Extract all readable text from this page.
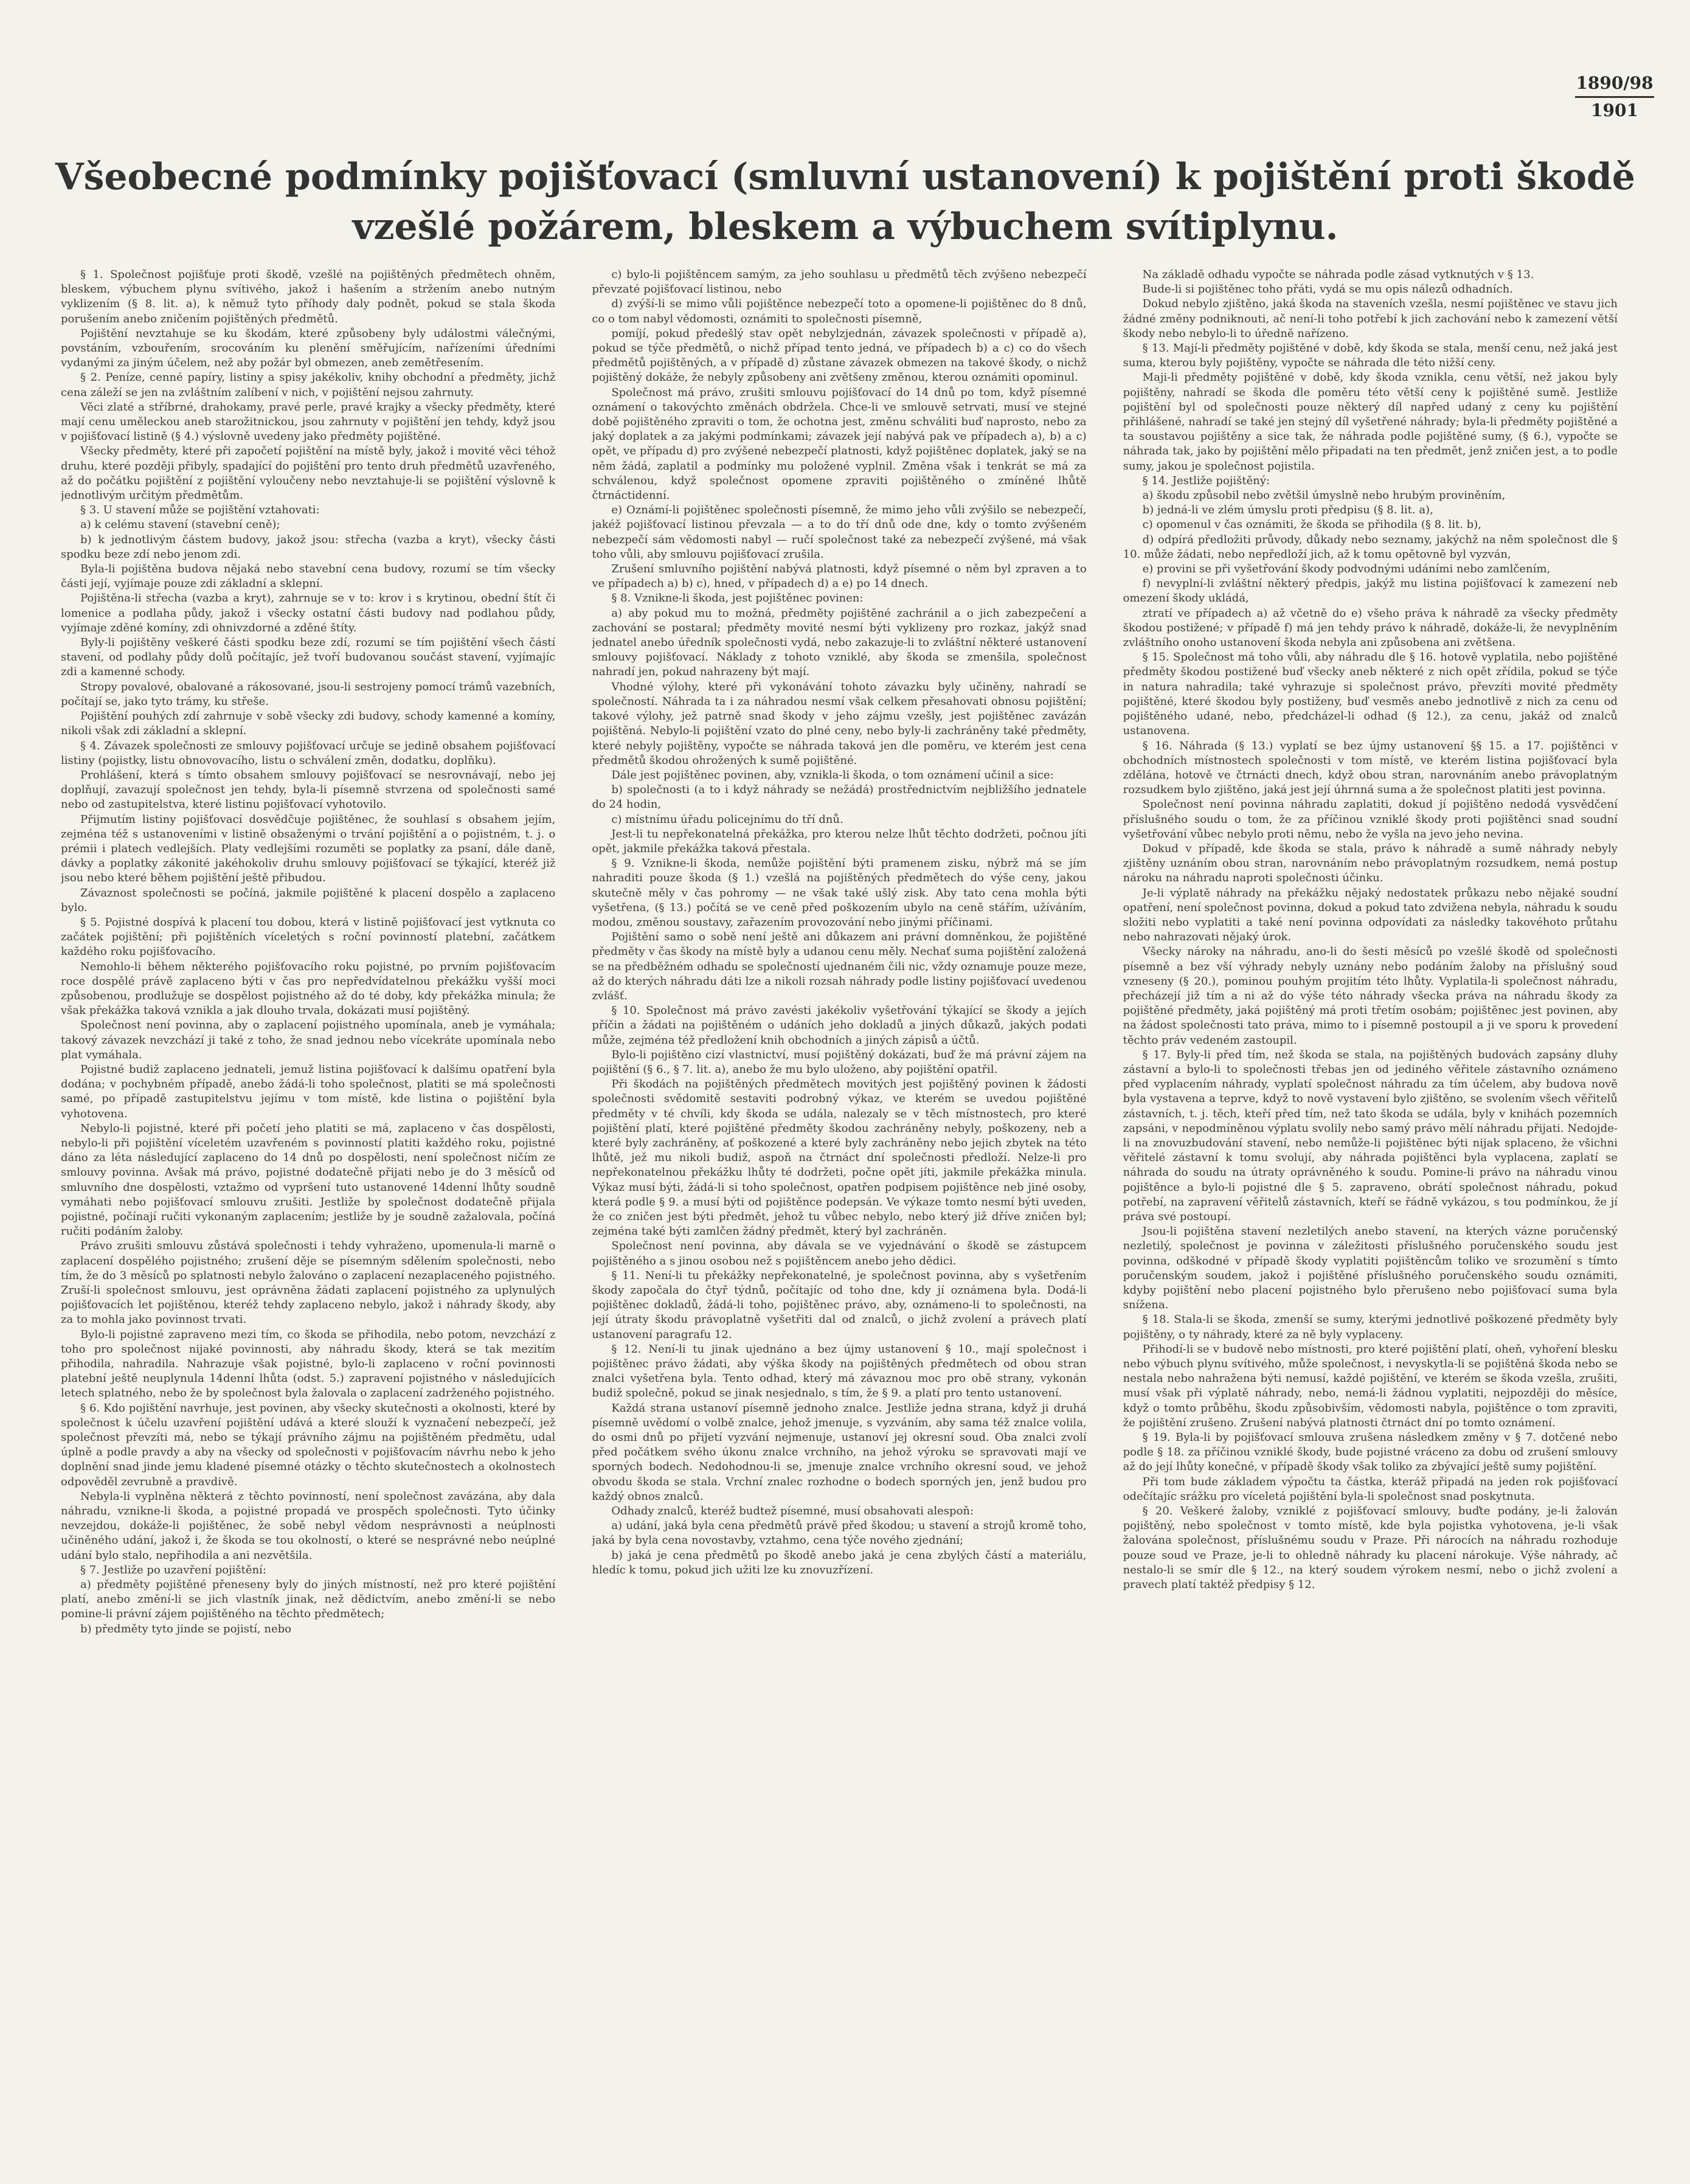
1890/98
1901
Všeobecné podmínky pojišťovací (smluvní ustanovení) k pojištění proti škodě vzešlé požárem, bleskem a výbuchem svítiplynu.

§ 1. Společnost pojišťuje proti škodě, vzešlé na pojištěných předmětech ohněm, bleskem, výbuchem plynu svítivého, jakož i hašením a stržením anebo nutným vyklizením (§ 8. lit. a), k němuž tyto příhody daly podnět, pokud se stala škoda porušením anebo zničením pojištěných předmětů.

Pojištění nevztahuje se ku škodám, které způsobeny byly událostmi válečnými, povstáním, vzbouřením, srocováním ku plenění směřujícím, nařízeními úředními vydanými za jiným účelem, než aby požár byl obmezen, aneb zemětřesením.

§ 2. Peníze, cenné papíry, listiny a spisy jakékoliv, knihy obchodní a předměty, jichž cena záleží se jen na zvláštním zalíbení v nich, v pojištění nejsou zahrnuty.

Věci zlaté a stříbrné, drahokamy, pravé perle, pravé krajky a všecky předměty, které mají cenu uměleckou aneb starožitnickou, jsou zahrnuty v pojištění jen tehdy, když jsou v pojišťovací listině (§ 4.) výslovně uvedeny jako předměty pojištěné.

Všecky předměty, které při započetí pojištění na místě byly, jakož i movité věci téhož druhu, které později přibyly, spadající do pojištění pro tento druh předmětů uzavřeného, až do počátku pojištění z pojištění vyloučeny nebo nevztahuje-li se pojištění výslovně k jednotlivým určitým předmětům.

§ 3. U stavení může se pojištění vztahovati:

a) k celému stavení (stavební ceně);

b) k jednotlivým částem budovy, jakož jsou: střecha (vazba a kryt), všecky části spodku beze zdí nebo jenom zdi.

Byla-li pojištěna budova nějaká nebo stavební cena budovy, rozumí se tím všecky části její, vyjímaje pouze zdi základní a sklepní.

Pojištěna-li střecha (vazba a kryt), zahrnuje se v to: krov i s krytinou, obední štít či lomenice a podlaha půdy, jakož i všecky ostatní části budovy nad podlahou půdy, vyjímaje zděné komíny, zdi ohnivzdorné a zděné štíty.

Byly-li pojištěny veškeré části spodku beze zdí, rozumí se tím pojištění všech částí stavení, od podlahy půdy dolů počítajíc, jež tvoří budovanou součást stavení, vyjímajíc zdi a kamenné schody.

Stropy povalové, obalované a rákosované, jsou-li sestrojeny pomocí trámů vazebních, počítají se, jako tyto trámy, ku střeše.

Pojištění pouhých zdí zahrnuje v sobě všecky zdi budovy, schody kamenné a komíny, nikoli však zdi základní a sklepní.

§ 4. Závazek společnosti ze smlouvy pojišťovací určuje se jedině obsahem pojišťovací listiny (pojistky, listu obnovovacího, listu o schválení změn, dodatku, doplňku).

Prohlášení, která s tímto obsahem smlouvy pojišťovací se nesrovnávají, nebo jej doplňují, zavazují společnost jen tehdy, byla-li písemně stvrzena od společnosti samé nebo od zastupitelstva, které listinu pojišťovací vyhotovilo.

Přijmutím listiny pojišťovací dosvědčuje pojištěnec, že souhlasí s obsahem jejím, zejména též s ustanoveními v listině obsaženými o trvání pojištění a o pojistném, t. j. o prémii i platech vedlejších. Platy vedlejšími rozuměti se poplatky za psaní, dále daně, dávky a poplatky zákonité jakéhokoliv druhu smlouvy pojišťovací se týkající, kteréž již jsou nebo které během pojištění ještě přibudou.

Závaznost společnosti se počíná, jakmile pojištěné k placení dospělo a zaplaceno bylo.

§ 5. Pojistné dospívá k placení tou dobou, která v listině pojišťovací jest vytknuta co začátek pojištění; při pojištěních víceletých s roční povinností platební, začátkem každého roku pojišťovacího.

Nemohlo-li během některého pojišťovacího roku pojistné, po prvním pojišťovacím roce dospělé právě zaplaceno býti v čas pro nepředvídatelnou překážku vyšší moci způsobenou, prodlužuje se dospělost pojistného až do té doby, kdy překážka minula; že však překážka taková vznikla a jak dlouho trvala, dokázati musí pojištěný.

Společnost není povinna, aby o zaplacení pojistného upomínala, aneb je vymáhala; takový závazek nevzchází ji také z toho, že snad jednou nebo vícekráte upomínala nebo plat vymáhala.

Pojistné budiž zaplaceno jednateli, jemuž listina pojišťovací k dalšímu opatření byla dodána; v pochybném případě, anebo žádá-li toho společnost, platiti se má společnosti samé, po případě zastupitelstvu jejímu v tom místě, kde listina o pojištění byla vyhotovena.

Nebylo-li pojistné, které při početí jeho platiti se má, zaplaceno v čas dospělosti, nebylo-li při pojištění víceletém uzavřeném s povinností platiti každého roku, pojistné dáno za léta následující zaplaceno do 14 dnů po dospělosti, není společnost ničím ze smlouvy povinna. Avšak má právo, pojistné dodatečně přijati nebo je do 3 měsíců od smluvního dne dospělosti, vztažmo od vypršení tuto ustanovené 14denní lhůty soudně vymáhati nebo pojišťovací smlouvu zrušiti. Jestliže by společnost dodatečně přijala pojistné, počínají ručiti vykonaným zaplacením; jestliže by je soudně zažalovala, počíná ručiti podáním žaloby.

Právo zrušiti smlouvu zůstává společnosti i tehdy vyhraženo, upomenula-li marně o zaplacení dospělého pojistného; zrušení děje se písemným sdělením společnosti, nebo tím, že do 3 měsíců po splatnosti nebylo žalováno o zaplacení nezaplaceného pojistného. Zruší-li společnost smlouvu, jest oprávněna žádati zaplacení pojistného za uplynulých pojišťovacích let pojištěnou, kteréž tehdy zaplaceno nebylo, jakož i náhrady škody, aby za to mohla jako povinnost trvati.

Bylo-li pojistné zapraveno mezi tím, co škoda se přihodila, nebo potom, nevzchází z toho pro společnost nijaké povinnosti, aby náhradu škody, která se tak mezitím přihodila, nahradila. Nahrazuje však pojistné, bylo-li zaplaceno v roční povinnosti platební ještě neuplynula 14denní lhůta (odst. 5.) zapravení pojistného v následujících letech splatného, nebo že by společnost byla žalovala o zaplacení zadrženého pojistného.

§ 6. Kdo pojištění navrhuje, jest povinen, aby všecky skutečnosti a okolnosti, které by společnost k účelu uzavření pojištění udává a které slouží k vyznačení nebezpečí, jež společnost převzíti má, nebo se týkají právního zájmu na pojištěném předmětu, udal úplně a podle pravdy a aby na všecky od společnosti v pojišťovacím návrhu nebo k jeho doplnění snad jinde jemu kladené písemné otázky o těchto skutečnostech a okolnostech odpověděl zevrubně a pravdivě.

Nebyla-li vyplněna některá z těchto povinností, není společnost zavázána, aby dala náhradu, vznikne-li škoda, a pojistné propadá ve prospěch společnosti. Tyto účinky nevzejdou, dokáže-li pojištěnec, že sobě nebyl vědom nesprávnosti a neúplnosti učiněného udání, jakož i, že škoda se tou okolností, o které se nesprávné nebo neúplné udání bylo stalo, nepřihodila a ani nezvětšila.

§ 7. Jestliže po uzavření pojištění:

a) předměty pojištěné přeneseny byly do jiných místností, než pro které pojištění platí, anebo změní-li se jich vlastník jinak, než dědictvím, anebo změní-li se nebo pomine-li právní zájem pojištěného na těchto předmětech;

b) předměty tyto jinde se pojistí, nebo

c) bylo-li pojištěncem samým, za jeho souhlasu u předmětů těch zvýšeno nebezpečí převzaté pojišťovací listinou, nebo

d) zvýší-li se mimo vůli pojištěnce nebezpečí toto a opomene-li pojištěnec do 8 dnů, co o tom nabyl vědomosti, oznámiti to společnosti písemně,

pomíjí, pokud předešlý stav opět nebylzjednán, závazek společnosti v případě a), pokud se týče předmětů, o nichž případ tento jedná, ve případech b) a c) co do všech předmětů pojištěných, a v případě d) zůstane závazek obmezen na takové škody, o nichž pojištěný dokáže, že nebyly způsobeny ani zvětšeny změnou, kterou oznámiti opominul.

Společnost má právo, zrušiti smlouvu pojišťovací do 14 dnů po tom, když písemné oznámení o takovýchto změnách obdržela. Chce-li ve smlouvě setrvati, musí ve stejné době pojištěného zpraviti o tom, že ochotna jest, změnu schváliti buď naprosto, nebo za jaký doplatek a za jakými podmínkami; závazek její nabývá pak ve případech a), b) a c) opět, ve případu d) pro zvýšené nebezpečí platnosti, když pojištěnec doplatek, jaký se na něm žádá, zaplatil a podmínky mu položené vyplnil. Změna však i tenkrát se má za schválenou, když společnost opomene zpraviti pojištěného o zmíněné lhůtě čtrnáctidenní.

e) Oznámí-li pojištěnec společnosti písemně, že mimo jeho vůli zvýšilo se nebezpečí, jakéž pojišťovací listinou převzala — a to do tří dnů ode dne, kdy o tomto zvýšeném nebezpečí sám vědomosti nabyl — ručí společnost také za nebezpečí zvýšené, má však toho vůli, aby smlouvu pojišťovací zrušila.

Zrušení smluvního pojištění nabývá platnosti, když písemné o něm byl zpraven a to ve případech a) b) c), hned, v případech d) a e) po 14 dnech.

§ 8. Vznikne-li škoda, jest pojištěnec povinen:

a) aby pokud mu to možná, předměty pojištěné zachránil a o jich zabezpečení a zachování se postaral; předměty movité nesmí býti vyklizeny pro rozkaz, jakýž snad jednatel anebo úředník společnosti vydá, nebo zakazuje-li to zvláštní některé ustanovení smlouvy pojišťovací. Náklady z tohoto vzniklé, aby škoda se zmenšila, společnost nahradí jen, pokud nahrazeny být mají.

Vhodné výlohy, které při vykonávání tohoto závazku byly učiněny, nahradí se společností. Náhrada ta i za náhradou nesmí však celkem přesahovati obnosu pojištění; takové výlohy, jež patrně snad škody v jeho zájmu vzešly, jest pojištěnec zavázán pojištěná. Nebylo-li pojištění vzato do plné ceny, nebo byly-li zachráněny také předměty, které nebyly pojištěny, vypočte se náhrada taková jen dle poměru, ve kterém jest cena předmětů škodou ohrožených k sumě pojištěné.

Dále jest pojištěnec povinen, aby, vznikla-li škoda, o tom oznámení učinil a sice:

b) společnosti (a to i když náhrady se nežádá) prostřednictvím nejbližšího jednatele do 24 hodin,

c) místnímu úřadu policejnímu do tří dnů.

Jest-li tu nepřekonatelná překážka, pro kterou nelze lhůt těchto dodržeti, počnou jíti opět, jakmile překážka taková přestala.

§ 9. Vznikne-li škoda, nemůže pojištění býti pramenem zisku, nýbrž má se jím nahraditi pouze škoda (§ 1.) vzešlá na pojištěných předmětech do výše ceny, jakou skutečně měly v čas pohromy — ne však také ušlý zisk. Aby tato cena mohla býti vyšetřena, (§ 13.) počítá se ve ceně před poškozením ubylo na ceně stářím, užíváním, modou, změnou soustavy, zařazením provozování nebo jinými příčinami.

Pojištění samo o sobě není ještě ani důkazem ani právní domněnkou, že pojištěné předměty v čas škody na místě byly a udanou cenu měly. Nechať suma pojištění založená se na předběžném odhadu se společností ujednaném čili nic, vždy oznamuje pouze meze, až do kterých náhradu dáti lze a nikoli rozsah náhrady podle listiny pojišťovací uvedenou zvlášť.

§ 10. Společnost má právo zavésti jakékoliv vyšetřování týkající se škody a jejích příčin a žádati na pojištěném o udáních jeho dokladů a jiných důkazů, jakých podati může, zejména též předložení knih obchodních a jiných zápisů a účtů.

Bylo-li pojištěno cizí vlastnictví, musí pojištěný dokázati, buď že má právní zájem na pojištění (§ 6., § 7. lit. a), anebo že mu bylo uloženo, aby pojištění opatřil.

Při škodách na pojištěných předmětech movitých jest pojištěný povinen k žádosti společnosti svědomitě sestaviti podrobný výkaz, ve kterém se uvedou pojištěné předměty v té chvíli, kdy škoda se udála, nalezaly se v těch místnostech, pro které pojištění platí, které pojištěné předměty škodou zachráněny nebyly, poškozeny, neb a které byly zachráněny, ať poškozené a které byly zachráněny nebo jejich zbytek na této lhůtě, jež mu nikoli budiž, aspoň na čtrnáct dní společnosti předloží. Nelze-li pro nepřekonatelnou překážku lhůty té dodržeti, počne opět jíti, jakmile překážka minula. Výkaz musí býti, žádá-li si toho společnost, opatřen podpisem pojištěnce neb jiné osoby, která podle § 9. a musí býti od pojištěnce podepsán. Ve výkaze tomto nesmí býti uveden, že co zničen jest býti předmět, jehož tu vůbec nebylo, nebo který již dříve zničen byl; zejména také býti zamlčen žádný předmět, který byl zachráněn.

Společnost není povinna, aby dávala se ve vyjednávání o škodě se zástupcem pojištěného a s jinou osobou než s pojištěncem anebo jeho dědici.

§ 11. Není-li tu překážky nepřekonatelné, je společnost povinna, aby s vyšetřením škody započala do čtyř týdnů, počítajíc od toho dne, kdy jí oznámena byla. Dodá-li pojištěnec dokladů, žádá-li toho, pojištěnec právo, aby, oznámeno-li to společnosti, na její útraty škodu právoplatně vyšetřiti dal od znalců, o jichž zvolení a právech platí ustanovení paragrafu 12.

§ 12. Není-li tu jinak ujednáno a bez újmy ustanovení § 10., mají společnost i pojištěnec právo žádati, aby výška škody na pojištěných předmětech od obou stran znalci vyšetřena byla. Tento odhad, který má závaznou moc pro obě strany, vykonán budiž společně, pokud se jinak nesjednalo, s tím, že § 9. a platí pro tento ustanovení.

Každá strana ustanoví písemně jednoho znalce. Jestliže jedna strana, když ji druhá písemně uvědomí o volbě znalce, jehož jmenuje, s vyzváním, aby sama též znalce volila, do osmi dnů po přijetí vyzvání nejmenuje, ustanoví jej okresní soud. Oba znalci zvolí před počátkem svého úkonu znalce vrchního, na jehož výroku se spravovati mají ve sporných bodech. Nedohodnou-li se, jmenuje znalce vrchního okresní soud, ve jehož obvodu škoda se stala. Vrchní znalec rozhodne o bodech sporných jen, jenž budou pro každý obnos znalců.

Odhady znalců, kteréž budtež písemné, musí obsahovati alespoň:

a) udání, jaká byla cena předmětů právě před škodou; u stavení a strojů kromě toho, jaká by byla cena novostavby, vztahmo, cena týče nového zjednání;

b) jaká je cena předmětů po škodě anebo jaká je cena zbylých částí a materiálu, hledíc k tomu, pokud jich užiti lze ku znovuzřízení.

Na základě odhadu vypočte se náhrada podle zásad vytknutých v § 13.

Bude-li si pojištěnec toho přáti, vydá se mu opis nálezů odhadních.

Dokud nebylo zjištěno, jaká škoda na staveních vzešla, nesmí pojištěnec ve stavu jich žádné změny podniknouti, ač není-li toho potřebí k jich zachování nebo k zamezení větší škody nebo nebylo-li to úředně nařízeno.

§ 13. Mají-li předměty pojištěné v době, kdy škoda se stala, menší cenu, než jaká jest suma, kterou byly pojištěny, vypočte se náhrada dle této nižší ceny.

Maji-li předměty pojištěné v době, kdy škoda vznikla, cenu větší, než jakou byly pojištěny, nahradí se škoda dle poměru této větší ceny k pojištěné sumě. Jestliže pojištění byl od společnosti pouze některý díl napřed udaný z ceny ku pojištění přihlášené, nahradí se také jen stejný díl vyšetřené náhrady; byla-li předměty pojištěné a ta soustavou pojištěny a sice tak, že náhrada podle pojištěné sumy, (§ 6.), vypočte se náhrada tak, jako by pojištění mělo připadati na ten předmět, jenž zničen jest, a to podle sumy, jakou je společnost pojistila.

§ 14. Jestliže pojištěný:

a) škodu způsobil nebo zvětšil úmyslně nebo hrubým proviněním,

b) jedná-li ve zlém úmyslu proti předpisu (§ 8. lit. a),

c) opomenul v čas oznámiti, že škoda se přihodila (§ 8. lit. b),

d) odpírá předložiti průvody, důkady nebo seznamy, jakýchž na něm společnost dle § 10. může žádati, nebo nepředloží jich, až k tomu opětovně byl vyzván,

e) provini se při vyšetřování škody podvodnými udáními nebo zamlčením,

f) nevyplní-li zvláštní některý předpis, jakýž mu listina pojišťovací k zamezení neb omezení škody ukládá,

ztratí ve případech a) až včetně do e) všeho práva k náhradě za všecky předměty škodou postižené; v případě f) má jen tehdy právo k náhradě, dokáže-li, že nevyplněním zvláštního onoho ustanovení škoda nebyla ani způsobena ani zvětšena.

§ 15. Společnost má toho vůli, aby náhradu dle § 16. hotově vyplatila, nebo pojištěné předměty škodou postižené buď všecky aneb některé z nich opět zřídila, pokud se týče in natura nahradila; také vyhrazuje si společnost právo, převzíti movité předměty pojištěné, které škodou byly postiženy, buď vesměs anebo jednotlivě z nich za cenu od pojištěného udané, nebo, předcházel-li odhad (§ 12.), za cenu, jakáž od znalců ustanovena.

§ 16. Náhrada (§ 13.) vyplatí se bez újmy ustanovení §§ 15. a 17. pojištěnci v obchodních místnostech společnosti v tom místě, ve kterém listina pojišťovací byla zdělána, hotově ve čtrnácti dnech, když obou stran, narovnáním anebo právoplatným rozsudkem bylo zjištěno, jaká jest její úhrnná suma a že společnost platiti jest povinna.

Společnost není povinna náhradu zaplatiti, dokud jí pojištěno nedodá vysvědčení příslušného soudu o tom, že za příčinou vzniklé škody proti pojištěnci snad soudní vyšetřování vůbec nebylo proti němu, nebo že vyšla na jevo jeho nevina.

Dokud v případě, kde škoda se stala, právo k náhradě a sumě náhrady nebyly zjištěny uznáním obou stran, narovnáním nebo právoplatným rozsudkem, nemá postup nároku na náhradu naproti společnosti účinku.

Je-li výplatě náhrady na překážku nějaký nedostatek průkazu nebo nějaké soudní opatření, není společnost povinna, dokud a pokud tato zdvižena nebyla, náhradu k soudu složiti nebo vyplatiti a také není povinna odpovídati za následky takovéhoto průtahu nebo nahrazovati nějaký úrok.

Všecky nároky na náhradu, ano-li do šesti měsíců po vzešlé škodě od společnosti písemně a bez vší výhrady nebyly uznány nebo podáním žaloby na příslušný soud vzneseny (§ 20.), pominou pouhým projitím této lhůty. Vyplatila-li společnost náhradu, přecházejí již tím a ni až do výše této náhrady všecka práva na náhradu škody za pojištěné předměty, jaká pojištěný má proti třetím osobám; pojištěnec jest povinen, aby na žádost společnosti tato práva, mimo to i písemně postoupil a ji ve sporu k provedení těchto práv vedeném zastoupil.

§ 17. Byly-li před tím, než škoda se stala, na pojištěných budovách zapsány dluhy zástavní a bylo-li to společnosti třebas jen od jediného věřitele zástavního oznámeno před vyplacením náhrady, vyplatí společnost náhradu za tím účelem, aby budova nově byla vystavena a teprve, když to nově vystavení bylo zjištěno, se svolením všech věřitelů zástavních, t. j. těch, kteří před tím, než tato škoda se udála, byly v knihách pozemních zapsáni, v nepodmíněnou výplatu svolily nebo samý právo mělí náhradu přijati. Nedojde-li na znovuzbudování stavení, nebo nemůže-li pojištěnec býti nijak splaceno, že všichni věřitelé zástavní k tomu svolují, aby náhrada pojištěnci byla vyplacena, zaplatí se náhrada do soudu na útraty oprávněného k soudu. Pomine-li právo na náhradu vinou pojištěnce a bylo-li pojistné dle § 5. zapraveno, obrátí společnost náhradu, pokud potřebí, na zapravení věřitelů zástavních, kteří se řádně vykázou, s tou podmínkou, že jí práva své postoupí.

Jsou-li pojištěna stavení nezletilých anebo stavení, na kterých vázne poručenský nezletilý, společnost je povinna v záležitosti příslušného poručenského soudu jest povinna, odškodné v případě škody vyplatiti pojištěncům toliko ve srozumění s tímto poručenským soudem, jakož i pojištěné příslušného poručenského soudu oznámiti, kdyby pojištění nebo placení pojistného bylo přerušeno nebo pojišťovací suma byla snížena.

§ 18. Stala-li se škoda, zmenší se sumy, kterými jednotlivé poškozené předměty byly pojištěny, o ty náhrady, které za ně byly vyplaceny.

Přihodí-li se v budově nebo místnosti, pro které pojištění platí, oheň, vyhoření blesku nebo výbuch plynu svítivého, může společnost, i nevyskytla-li se pojištěná škoda nebo se nestala nebo nahražena býti nemusí, každé pojištění, ve kterém se škoda vzešla, zrušiti, musí však při výplatě náhrady, nebo, nemá-li žádnou vyplatiti, nejpozději do měsíce, když o tomto průběhu, škodu způsobivším, vědomosti nabyla, pojištěnce o tom zpraviti, že pojištění zrušeno. Zrušení nabývá platnosti čtrnáct dní po tomto oznámení.

§ 19. Byla-li by pojišťovací smlouva zrušena následkem změny v § 7. dotčené nebo podle § 18. za příčinou vzniklé škody, bude pojistné vráceno za dobu od zrušení smlouvy až do její lhůty konečné, v případě škody však toliko za zbývající ještě sumy pojištění.

Při tom bude základem výpočtu ta částka, kteráž připadá na jeden rok pojišťovací odečítajíc srážku pro víceletá pojištění byla-li společnost snad poskytnuta.

§ 20. Veškeré žaloby, vzniklé z pojišťovací smlouvy, buďte podány, je-li žalován pojištěný, nebo společnost v tomto místě, kde byla pojistka vyhotovena, je-li však žalována společnost, příslušnému soudu v Praze. Při nárocích na náhradu rozhoduje pouze soud ve Praze, je-li to ohledně náhrady ku placení nárokuje. Výše náhrady, ač nestalo-li se smír dle § 12., na který soudem výrokem nesmí, nebo o jichž zvolení a pravech platí taktéž předpisy § 12.
